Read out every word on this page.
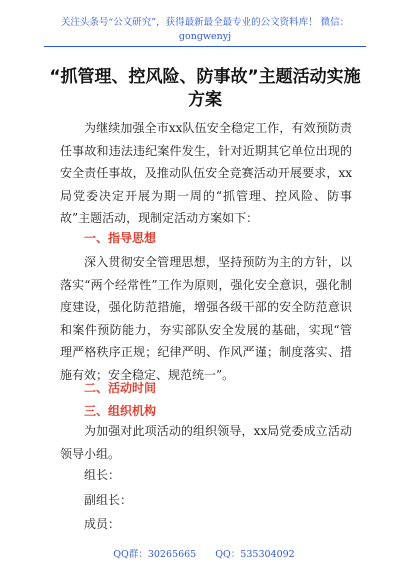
关注头条号“公文研究”，获得最新最全最专业的公文资料库！ 微信：gongwenyj
“抓管理、控风险、防事故”主题活动实施
方案
为继续加强全市xx队伍安全稳定工作，有效预防责任事故和违法违纪案件发生，针对近期其它单位出现的安全责任事故，及推动队伍安全竞赛活动开展要求，xx局党委决定开展为期一周的“抓管理、控风险、防事故”主题活动，现制定活动方案如下：
一、指导思想
深入贯彻安全管理思想，坚持预防为主的方针，以落实“两个经常性”工作为原则，强化安全意识，强化制度建设，强化防范措施，增强各级干部的安全防范意识和案件预防能力，夯实部队安全发展的基础，实现“管理严格秩序正规；纪律严明、作风严谨；制度落实、措施有效；安全稳定、规范统一”。
二、活动时间
三、组织机构
为加强对此项活动的组织领导，xx局党委成立活动领导小组。
组长：
副组长：
成员：
QQ群：30265665 QQ：535304092
